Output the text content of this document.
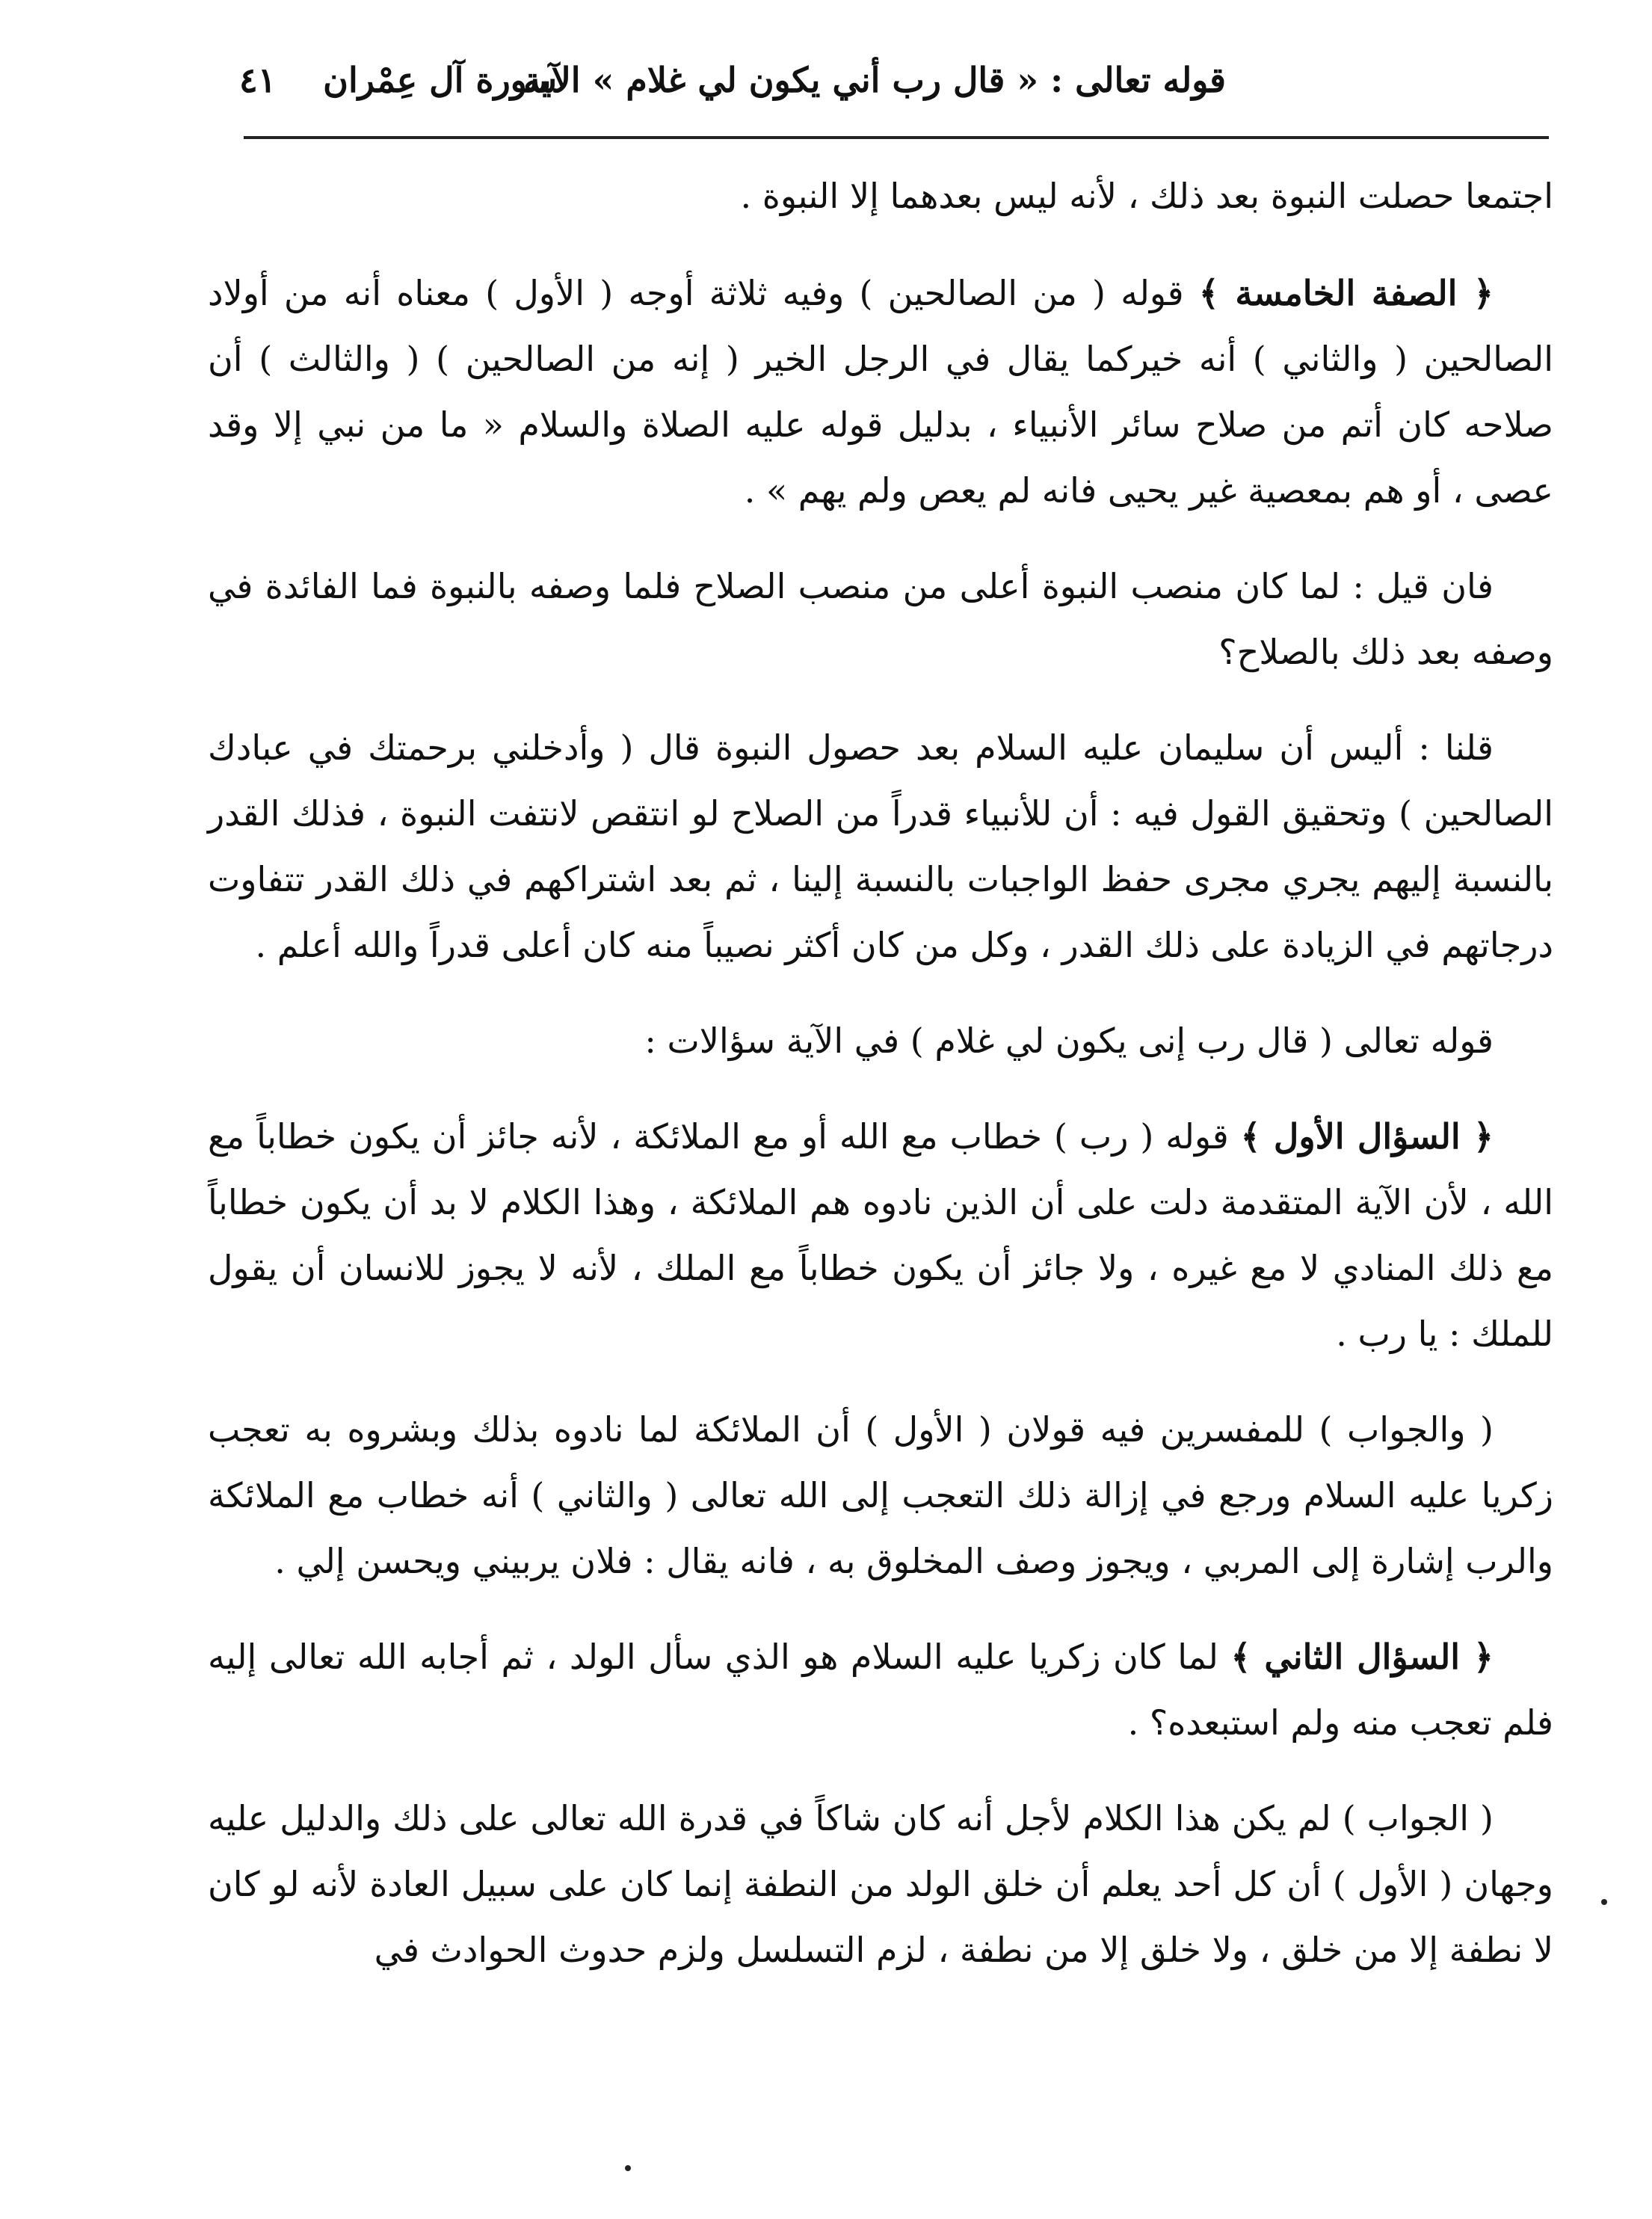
قوله تعالى : « قال رب أني يكون لي غلام » الآية
سورة آل عِمْران
٤١

اجتمعا حصلت النبوة بعد ذلك ، لأنه ليس بعدهما إلا النبوة .

﴿ الصفة الخامسة ﴾ قوله ( من الصالحين ) وفيه ثلاثة أوجه ( الأول ) معناه أنه من أولاد الصالحين ( والثاني ) أنه خيركما يقال في الرجل الخير ( إنه من الصالحين ) ( والثالث ) أن صلاحه كان أتم من صلاح سائر الأنبياء ، بدليل قوله عليه الصلاة والسلام « ما من نبي إلا وقد عصى ، أو هم بمعصية غير يحيى فانه لم يعص ولم يهم » .

فان قيل : لما كان منصب النبوة أعلى من منصب الصلاح فلما وصفه بالنبوة فما الفائدة في وصفه بعد ذلك بالصلاح؟

قلنا : أليس أن سليمان عليه السلام بعد حصول النبوة قال ( وأدخلني برحمتك في عبادك الصالحين ) وتحقيق القول فيه : أن للأنبياء قدراً من الصلاح لو انتقص لانتفت النبوة ، فذلك القدر بالنسبة إليهم يجري مجرى حفظ الواجبات بالنسبة إلينا ، ثم بعد اشتراكهم في ذلك القدر تتفاوت درجاتهم في الزيادة على ذلك القدر ، وكل من كان أكثر نصيباً منه كان أعلى قدراً والله أعلم .

قوله تعالى ( قال رب إنى يكون لي غلام ) في الآية سؤالات :

﴿ السؤال الأول ﴾ قوله ( رب ) خطاب مع الله أو مع الملائكة ، لأنه جائز أن يكون خطاباً مع الله ، لأن الآية المتقدمة دلت على أن الذين نادوه هم الملائكة ، وهذا الكلام لا بد أن يكون خطاباً مع ذلك المنادي لا مع غيره ، ولا جائز أن يكون خطاباً مع الملك ، لأنه لا يجوز للانسان أن يقول للملك : يا رب .

( والجواب ) للمفسرين فيه قولان ( الأول ) أن الملائكة لما نادوه بذلك وبشروه به تعجب زكريا عليه السلام ورجع في إزالة ذلك التعجب إلى الله تعالى ( والثاني ) أنه خطاب مع الملائكة والرب إشارة إلى المربي ، ويجوز وصف المخلوق به ، فانه يقال : فلان يربيني ويحسن إلي .

﴿ السؤال الثاني ﴾ لما كان زكريا عليه السلام هو الذي سأل الولد ، ثم أجابه الله تعالى إليه فلم تعجب منه ولم استبعده؟ .

( الجواب ) لم يكن هذا الكلام لأجل أنه كان شاكاً في قدرة الله تعالى على ذلك والدليل عليه وجهان ( الأول ) أن كل أحد يعلم أن خلق الولد من النطفة إنما كان على سبيل العادة لأنه لو كان لا نطفة إلا من خلق ، ولا خلق إلا من نطفة ، لزم التسلسل ولزم حدوث الحوادث في
